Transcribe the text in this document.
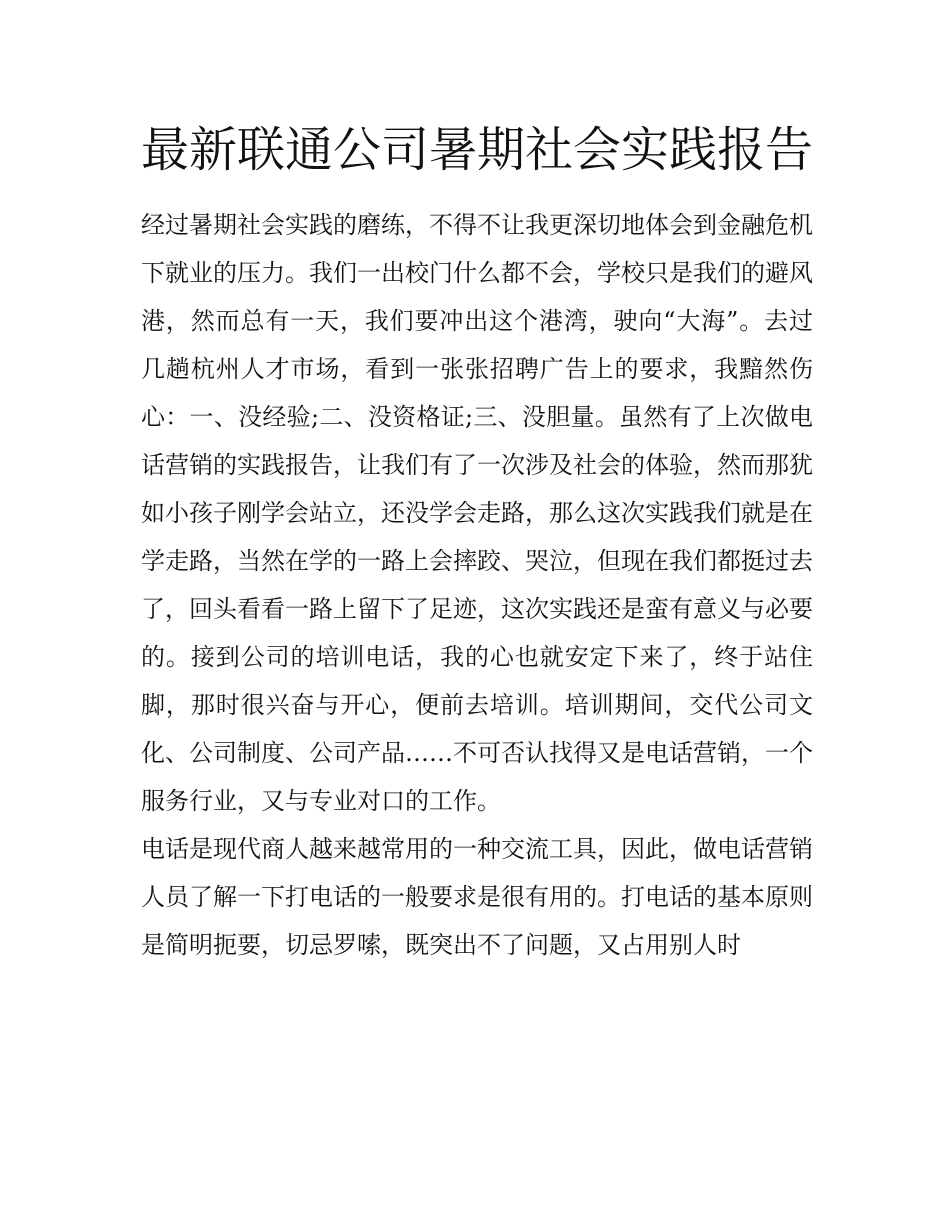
最新联通公司暑期社会实践报告

经过暑期社会实践的磨练，不得不让我更深切地体会到金融危机下就业的压力。我们一出校门什么都不会，学校只是我们的避风港，然而总有一天，我们要冲出这个港湾，驶向“大海”。去过几趟杭州人才市场，看到一张张招聘广告上的要求，我黯然伤心：一、没经验;二、没资格证;三、没胆量。虽然有了上次做电话营销的实践报告，让我们有了一次涉及社会的体验，然而那犹如小孩子刚学会站立，还没学会走路，那么这次实践我们就是在学走路，当然在学的一路上会摔跤、哭泣，但现在我们都挺过去了，回头看看一路上留下了足迹，这次实践还是蛮有意义与必要的。接到公司的培训电话，我的心也就安定下来了，终于站住脚，那时很兴奋与开心，便前去培训。培训期间，交代公司文化、公司制度、公司产品……不可否认找得又是电话营销，一个服务行业，又与专业对口的工作。

电话是现代商人越来越常用的一种交流工具，因此，做电话营销人员了解一下打电话的一般要求是很有用的。打电话的基本原则是简明扼要，切忌罗嗦，既突出不了问题，又占用别人时
